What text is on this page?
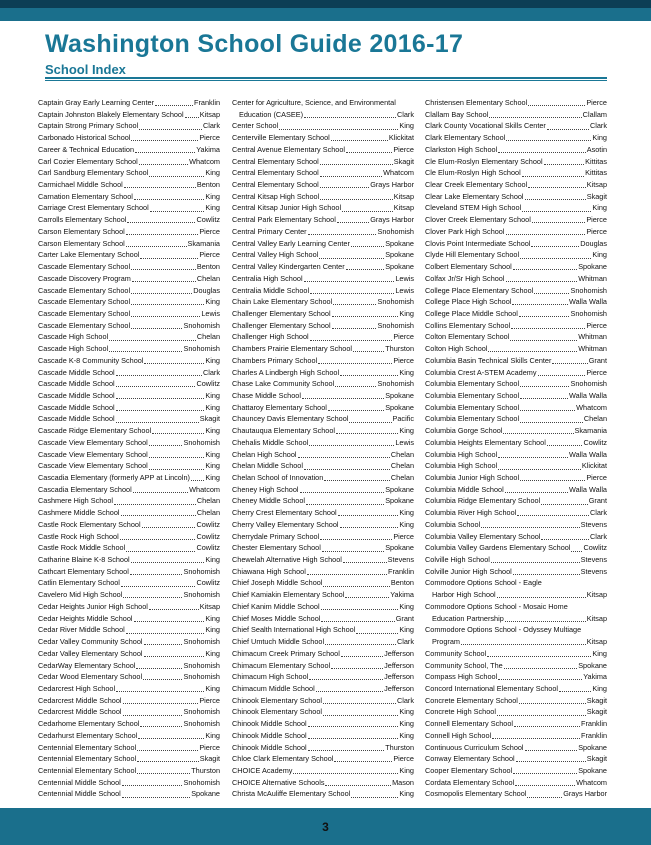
Washington School Guide 2016-17
School Index
Captain Gray Early Learning Center	Franklin
Captain Johnston Blakely Elementary School Kitsap
Captain Strong Primary School	Clark
Carbonado Historical School	Pierce
Career & Technical Education	Yakima
Carl Cozier Elementary School	Whatcom
Carl Sandburg Elementary School	King
Carmichael Middle School	Benton
Carnation Elementary School	King
Carriage Crest Elementary School	King
Carrolls Elementary School	Cowlitz
Carson Elementary School	Pierce
Carson Elementary School	Skamania
Carter Lake Elementary School	Pierce
Cascade Elementary School	Benton
Cascade Discovery Program	Chelan
Cascade Elementary School	Douglas
Cascade Elementary School	King
Cascade Elementary School	Lewis
Cascade Elementary School	Snohomish
Cascade High School	Chelan
Cascade High School	Snohomish
Cascade K-8 Community School	King
Cascade Middle School	Clark
Cascade Middle School	Cowlitz
Cascade Middle School	King
Cascade Middle School	King
Cascade Middle School	Skagit
Cascade Ridge Elementary School	King
Cascade View Elementary School	Snohomish
Cascade View Elementary School	King
Cascade View Elementary School	King
Cascadia Elementary (formerly APP at Lincoln) King
Cascadia Elementary School	Whatcom
Cashmere High School	Chelan
Cashmere Middle School	Chelan
Castle Rock Elementary School	Cowlitz
Castle Rock High School	Cowlitz
Castle Rock Middle School	Cowlitz
Catharine Blaine K-8 School	King
Cathcart Elementary School	Snohomish
Catlin Elementary School	Cowlitz
Cavelero Mid High School	Snohomish
Cedar Heights Junior High School	Kitsap
Cedar Heights Middle School	King
Cedar River Middle School	King
Cedar Valley Community School	Snohomish
Cedar Valley Elementary School	King
CedarWay Elementary School	Snohomish
Cedar Wood Elementary School	Snohomish
Cedarcrest High School	King
Cedarcrest Middle School	Pierce
Cedarcrest Middle School	Snohomish
Cedarhome Elementary School	Snohomish
Cedarhurst Elementary School	King
Centennial Elementary School	Pierce
Centennial Elementary School	Skagit
Centennial Elementary School	Thurston
Centennial Middle School	Snohomish
Centennial Middle School	Spokane
Center for Agriculture, Science, and Environmental
Education (CASEE)	Clark
Center School	King
Centerville Elementary School	Klickitat
Central Avenue Elementary School	Pierce
Central Elementary School	Skagit
Central Elementary School	Whatcom
Central Elementary School	Grays Harbor
Central Kitsap High School	Kitsap
Central Kitsap Junior High School	Kitsap
Central Park Elementary School	Grays Harbor
Central Primary Center	Snohomish
Central Valley Early Learning Center	Spokane
Central Valley High School	Spokane
Central Valley Kindergarten Center	Spokane
Centralia High School	Lewis
Centralia Middle School	Lewis
Chain Lake Elementary School	Snohomish
Challenger Elementary School	King
Challenger Elementary School	Snohomish
Challenger High School	Pierce
Chambers Prairie Elementary School	Thurston
Chambers Primary School	Pierce
Charles A Lindbergh High School	King
Chase Lake Community School	Snohomish
Chase Middle School	Spokane
Chattaroy Elementary School	Spokane
Chauncey Davis Elementary School	Pacific
Chautauqua Elementary School	King
Chehalis Middle School	Lewis
Chelan High School	Chelan
Chelan Middle School	Chelan
Chelan School of Innovation	Chelan
Cheney High School	Spokane
Cheney Middle School	Spokane
Cherry Crest Elementary School	King
Cherry Valley Elementary School	King
Cherrydale Primary School	Pierce
Chester Elementary School	Spokane
Chewelah Alternative High School	Stevens
Chiawana High School	Franklin
Chief Joseph Middle School	Benton
Chief Kamiakin Elementary School	Yakima
Chief Kanim Middle School	King
Chief Moses Middle School	Grant
Chief Sealth International High School	King
Chief Umtuch Middle School	Clark
Chimacum Creek Primary School	Jefferson
Chimacum Elementary School	Jefferson
Chimacum High School	Jefferson
Chimacum Middle School	Jefferson
Chinook Elementary School	Clark
Chinook Elementary School	King
Chinook Middle School	King
Chinook Middle School	King
Chinook Middle School	Thurston
Chloe Clark Elementary School	Pierce
CHOICE Academy	King
CHOICE Alternative Schools	Mason
Christa McAuliffe Elementary School	King
Christensen Elementary School	Pierce
Clallam Bay School	Clallam
Clark County Vocational Skills Center	Clark
Clark Elementary School	King
Clarkston High School	Asotin
Cle Elum-Roslyn Elementary School	Kittitas
Cle Elum-Roslyn High School	Kittitas
Clear Creek Elementary School	Kitsap
Clear Lake Elementary School	Skagit
Cleveland STEM High School	King
Clover Creek Elementary School	Pierce
Clover Park High School	Pierce
Clovis Point Intermediate School	Douglas
Clyde Hill Elementary School	King
Colbert Elementary School	Spokane
Colfax Jr/Sr High School	Whitman
College Place Elementary School	Snohomish
College Place High School	Walla Walla
College Place Middle School	Snohomish
Collins Elementary School	Pierce
Colton Elementary School	Whitman
Colton High School	Whitman
Columbia Basin Technical Skills Center	Grant
Columbia Crest A-STEM Academy	Pierce
Columbia Elementary School	Snohomish
Columbia Elementary School	Walla Walla
Columbia Elementary School	Whatcom
Columbia Elementary School	Chelan
Columbia Gorge School	Skamania
Columbia Heights Elementary School	Cowlitz
Columbia High School	Walla Walla
Columbia High School	Klickitat
Columbia Junior High School	Pierce
Columbia Middle School	Walla Walla
Columbia Ridge Elementary School	Grant
Columbia River High School	Clark
Columbia School	Stevens
Columbia Valley Elementary School	Clark
Columbia Valley Gardens Elementary School Cowlitz
Colville High School	Stevens
Colville Junior High School	Stevens
Commodore Options School - Eagle
Harbor High School	Kitsap
Commodore Options School - Mosaic Home
Education Partnership	Kitsap
Commodore Options School - Odyssey Multiage
Program	Kitsap
Community School	King
Community School, The	Spokane
Compass High School	Yakima
Concord International Elementary School	King
Concrete Elementary School	Skagit
Concrete High School	Skagit
Connell Elementary School	Franklin
Connell High School	Franklin
Continuous Curriculum School	Spokane
Conway Elementary School	Skagit
Cooper Elementary School	Spokane
Cordata Elementary School	Whatcom
Cosmopolis Elementary School	Grays Harbor
3
